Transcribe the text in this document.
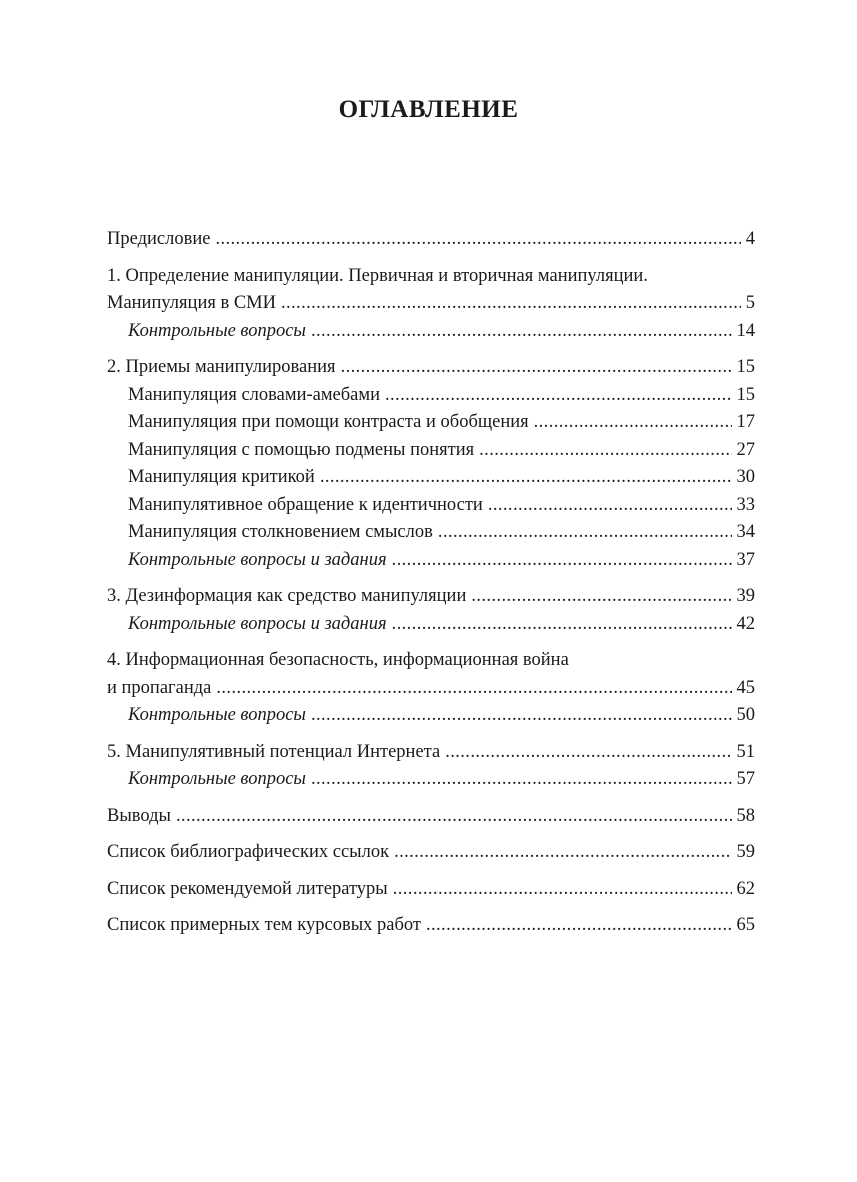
ОГЛАВЛЕНИЕ
Предисловие .....	4
1. Определение манипуляции. Первичная и вторичная манипуляции.
Манипуляция в СМИ .....	5
Контрольные вопросы .....	14
2. Приемы манипулирования .....	15
Манипуляция словами-амебами .....	15
Манипуляция при помощи контраста и обобщения .....	17
Манипуляция с помощью подмены понятия .....	27
Манипуляция критикой .....	30
Манипулятивное обращение к идентичности .....	33
Манипуляция столкновением смыслов .....	34
Контрольные вопросы и задания .....	37
3. Дезинформация как средство манипуляции .....	39
Контрольные вопросы и задания .....	42
4. Информационная безопасность, информационная война
и пропаганда .....	45
Контрольные вопросы .....	50
5. Манипулятивный потенциал Интернета .....	51
Контрольные вопросы .....	57
Выводы .....	58
Список библиографических ссылок .....	59
Список рекомендуемой литературы .....	62
Список примерных тем курсовых работ .....	65
